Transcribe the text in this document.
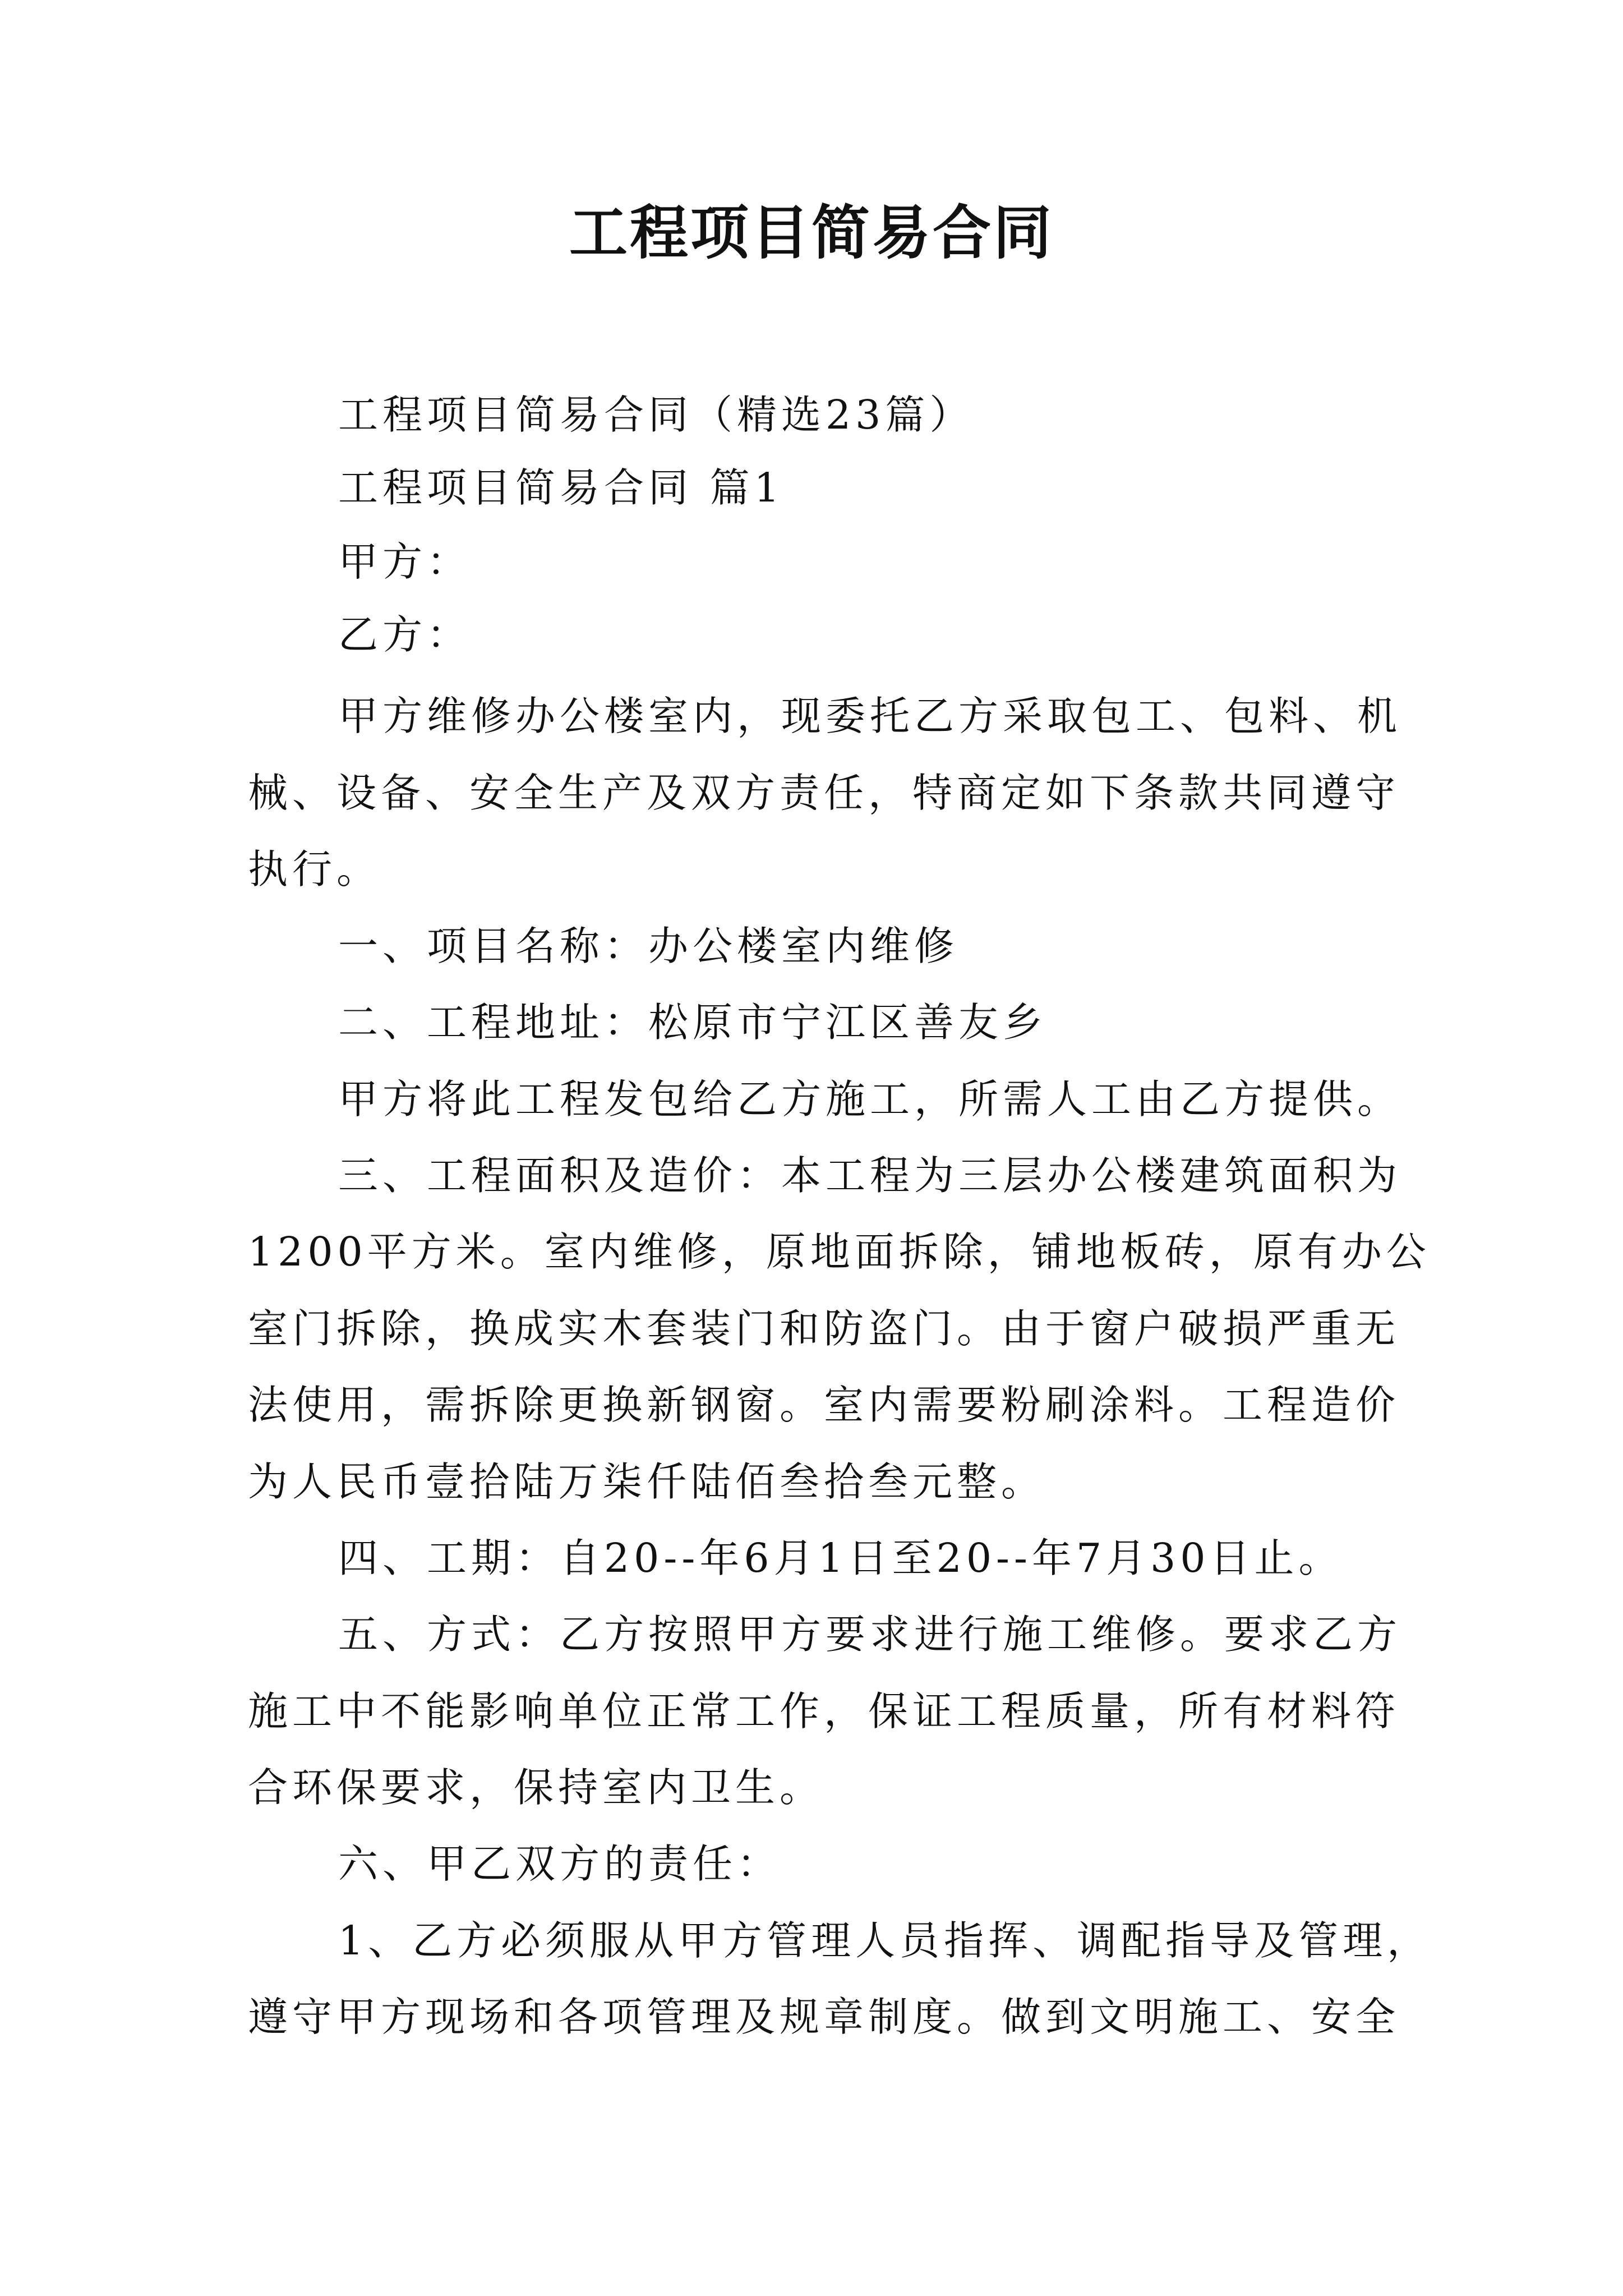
工程项目简易合同
工程项目简易合同（精选23篇）
工程项目简易合同 篇1
甲方：
乙方：
甲方维修办公楼室内，现委托乙方采取包工、包料、机
械、设备、安全生产及双方责任，特商定如下条款共同遵守
执行。
一、项目名称：办公楼室内维修
二、工程地址：松原市宁江区善友乡
甲方将此工程发包给乙方施工，所需人工由乙方提供。
三、工程面积及造价：本工程为三层办公楼建筑面积为
1200平方米。室内维修，原地面拆除，铺地板砖，原有办公
室门拆除，换成实木套装门和防盗门。由于窗户破损严重无
法使用，需拆除更换新钢窗。室内需要粉刷涂料。工程造价
为人民币壹拾陆万柒仟陆佰叁拾叁元整。
四、工期：自20--年6月1日至20--年7月30日止。
五、方式：乙方按照甲方要求进行施工维修。要求乙方
施工中不能影响单位正常工作，保证工程质量，所有材料符
合环保要求，保持室内卫生。
六、甲乙双方的责任：
1、乙方必须服从甲方管理人员指挥、调配指导及管理，
遵守甲方现场和各项管理及规章制度。做到文明施工、安全
